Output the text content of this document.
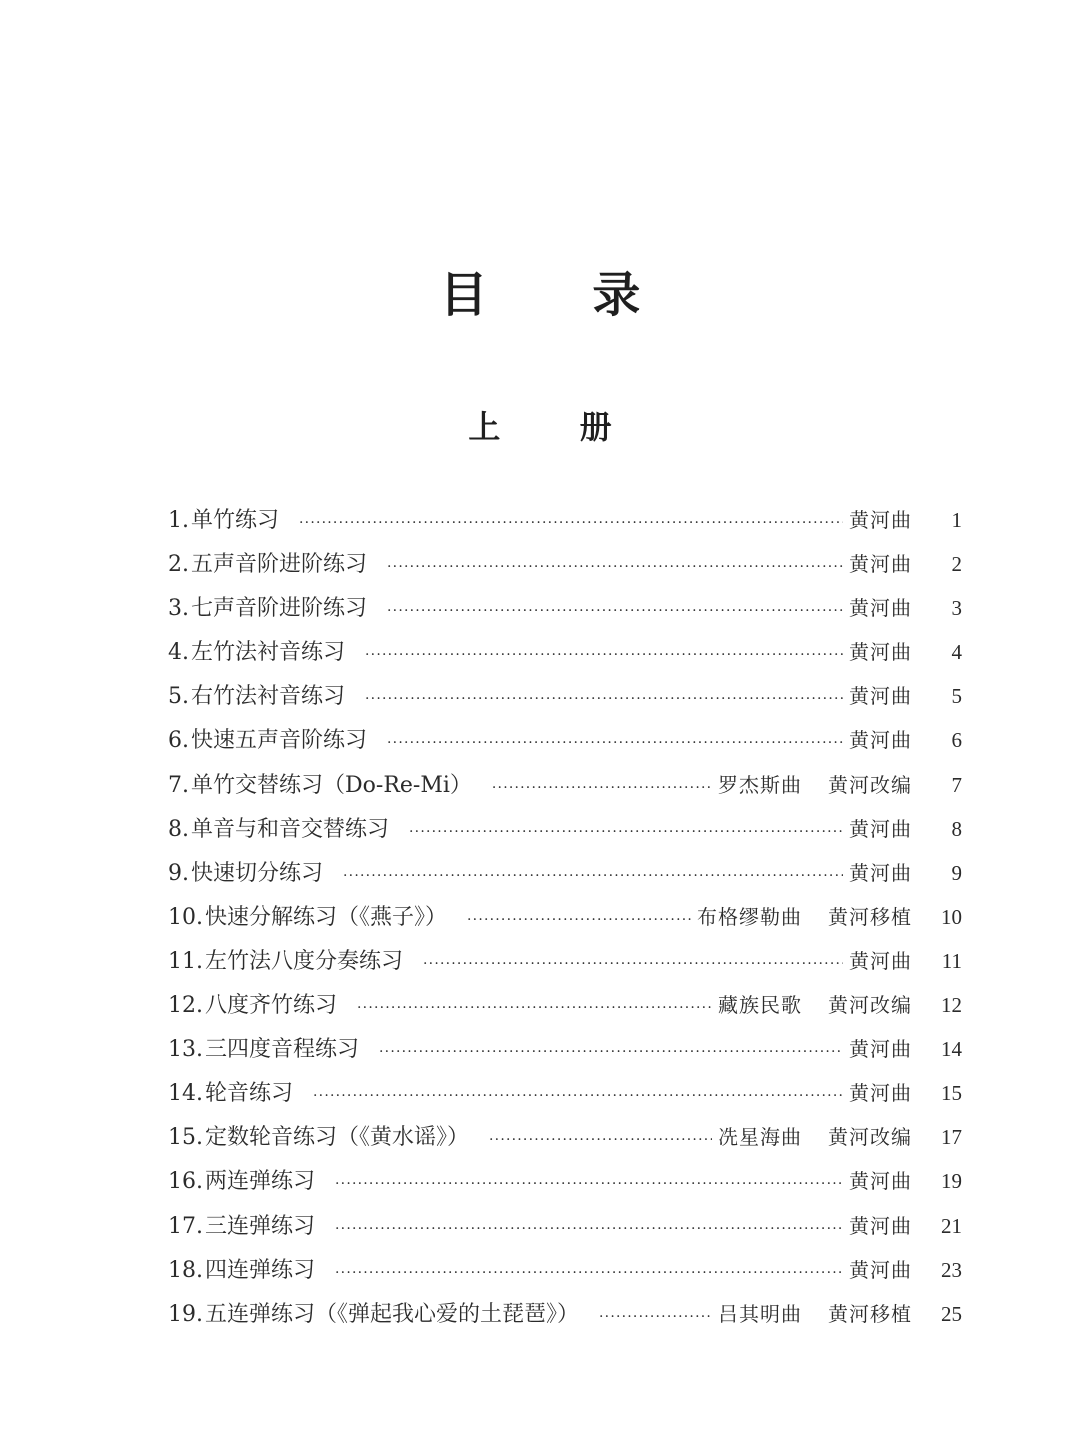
目 录
上 册
1.单竹练习 ·····	黄河曲	1
2.五声音阶进阶练习 ·····	黄河曲	2
3.七声音阶进阶练习 ·····	黄河曲	3
4.左竹法衬音练习 ·····	黄河曲	4
5.右竹法衬音练习 ·····	黄河曲	5
6.快速五声音阶练习 ·····	黄河曲	6
7.单竹交替练习（Do-Re-Mi） ·····	罗杰斯曲 黄河改编	7
8.单音与和音交替练习 ·····	黄河曲	8
9.快速切分练习 ·····	黄河曲	9
10.快速分解练习（《燕子》） ·····	布格缪勒曲 黄河移植	10
11.左竹法八度分奏练习 ·····	黄河曲	11
12.八度齐竹练习 ·····	藏族民歌 黄河改编	12
13.三四度音程练习 ·····	黄河曲	14
14.轮音练习 ·····	黄河曲	15
15.定数轮音练习（《黄水谣》） ·····	冼星海曲 黄河改编	17
16.两连弹练习 ·····	黄河曲	19
17.三连弹练习 ·····	黄河曲	21
18.四连弹练习 ·····	黄河曲	23
19.五连弹练习（《弹起我心爱的土琵琶》） ·····	吕其明曲 黄河移植	25
